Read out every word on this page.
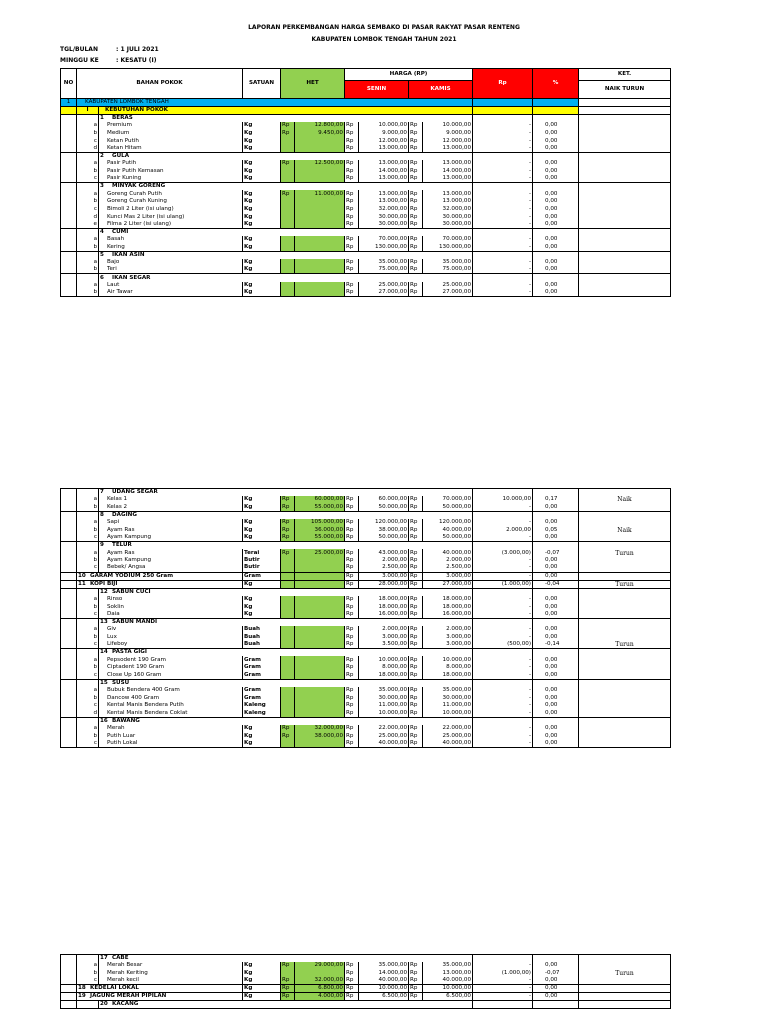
LAPORAN PERKEMBANGAN HARGA SEMBAKO DI PASAR RAKYAT PASAR RENTENG
KABUPATEN LOMBOK TENGAH TAHUN 2021
TGL/BULAN	: 1 JULI 2021
MINGGU KE	: KESATU (I)
NO	BAHAN POKOK		SATUAN	HET		HARGA (RP)				Rp	%	KET.
						SENIN		KAMIS				NAIK TURUN
1	KABUPATEN LOMBOK TENGAH											
	I	KEBUTUHAN POKOK										
		1 BERAS										
	a	Premium	Kg	Rp	12.800,00	Rp	10.000,00	Rp	10.000,00	-	0,00	
	b	Medium	Kg	Rp	9.450,00	Rp	9.000,00	Rp	9.000,00	-	0,00	
	c	Ketan Putih	Kg			Rp	12.000,00	Rp	12.000,00	-	0,00	
	d	Ketan Hitam	Kg			Rp	13.000,00	Rp	13.000,00	-	0,00	
		2 GULA										
	a	Pasir Putih	Kg	Rp	12.500,00	Rp	13.000,00	Rp	13.000,00	-	0,00	
	b	Pasir Putih Kemasan	Kg			Rp	14.000,00	Rp	14.000,00	-	0,00	
	c	Pasir Kuning	Kg			Rp	13.000,00	Rp	13.000,00	-	0,00	
		3 MINYAK GORENG										
	a	Goreng Curah Putih	Kg	Rp	11.000,00	Rp	13.000,00	Rp	13.000,00	-	0,00	
	b	Goreng Curah Kuning	Kg			Rp	13.000,00	Rp	13.000,00	-	0,00	
	c	Bimoli 2 Liter (isi ulang)	Kg			Rp	32.000,00	Rp	32.000,00	-	0,00	
	d	Kunci Mas 2 Liter (isi ulang)	Kg			Rp	30.000,00	Rp	30.000,00	-	0,00	
	e	Filma 2 Liter (isi ulang)	Kg			Rp	30.000,00	Rp	30.000,00	-	0,00	
		4 CUMI										
	a	Basah	Kg			Rp	70.000,00	Rp	70.000,00	-	0,00	
	b	Kering	Kg			Rp	130.000,00	Rp	130.000,00	-	0,00	
		5 IKAN ASIN										
	a	Bajo	Kg			Rp	35.000,00	Rp	35.000,00	-	0,00	
	b	Teri	Kg			Rp	75.000,00	Rp	75.000,00	-	0,00	
		6 IKAN SEGAR										
	a	Laut	Kg			Rp	25.000,00	Rp	25.000,00	-	0,00	
	b	Air Tawar	Kg			Rp	27.000,00	Rp	27.000,00	-	0,00	
		7 UDANG SEGAR										
	a	Kelas 1	Kg	Rp	60.000,00	Rp	60.000,00	Rp	70.000,00	10.000,00	0,17	Naik
	b	Kelas 2	Kg	Rp	55.000,00	Rp	50.000,00	Rp	50.000,00	-	0,00	
		8 DAGING										
	a	Sapi	Kg	Rp	105.000,00	Rp	120.000,00	Rp	120.000,00	-	0,00	
	b	Ayam Ras	Kg	Rp	36.000,00	Rp	38.000,00	Rp	40.000,00	2.000,00	0,05	Naik
	c	Ayam Kampung	Kg	Rp	55.000,00	Rp	50.000,00	Rp	50.000,00	-	0,00	
		9 TELUR										
	a	Ayam Ras	Terai	Rp	25.000,00	Rp	43.000,00	Rp	40.000,00	(3.000,00)	-0,07	Turun
	b	Ayam Kampung	Butir			Rp	2.000,00	Rp	2.000,00	-	0,00	
	c	Bebek/ Angsa	Butir			Rp	2.500,00	Rp	2.500,00	-	0,00	
	10 GARAM YODIUM 250 Gram		Gram			Rp	3.000,00	Rp	3.000,00	-	0,00	
	11 KOPI BIJI		Kg			Rp	28.000,00	Rp	27.000,00	(1.000,00)	-0,04	Turun
		12 SABUN CUCI										
	a	Rinso	Kg			Rp	18.000,00	Rp	18.000,00	-	0,00	
	b	Soklin	Kg			Rp	18.000,00	Rp	18.000,00	-	0,00	
	c	Daia	Kg			Rp	16.000,00	Rp	16.000,00	-	0,00	
		13 SABUN MANDI										
	a	Giv	Buah			Rp	2.000,00	Rp	2.000,00	-	0,00	
	b	Lux	Buah			Rp	3.000,00	Rp	3.000,00	-	0,00	
	c	Lifeboy	Buah			Rp	3.500,00	Rp	3.000,00	(500,00)	-0,14	Turun
		14 PASTA GIGI										
	a	Pepsodent 190 Gram	Gram			Rp	10.000,00	Rp	10.000,00	-	0,00	
	b	Ciptadent 190 Gram	Gram			Rp	8.000,00	Rp	8.000,00	-	0,00	
	c	Close Up 160 Gram	Gram			Rp	18.000,00	Rp	18.000,00	-	0,00	
		15 SUSU										
	a	Bubuk Bendera 400 Gram	Gram			Rp	35.000,00	Rp	35.000,00	-	0,00	
	b	Dancow 400 Gram	Gram			Rp	30.000,00	Rp	30.000,00	-	0,00	
	c	Kental Manis Bendera Putih	Kaleng			Rp	11.000,00	Rp	11.000,00	-	0,00	
	d	Kental Manis Bendera Coklat	Kaleng			Rp	10.000,00	Rp	10.000,00	-	0,00	
		16 BAWANG										
	a	Merah	Kg	Rp	32.000,00	Rp	22.000,00	Rp	22.000,00	-	0,00	
	b	Putih Luar	Kg	Rp	38.000,00	Rp	25.000,00	Rp	25.000,00	-	0,00	
	c	Putih Lokal	Kg			Rp	40.000,00	Rp	40.000,00	-	0,00	
		17 CABE										
	a	Merah Besar	Kg	Rp	29.000,00	Rp	35.000,00	Rp	35.000,00	-	0,00	
	b	Merah Keriting	Kg			Rp	14.000,00	Rp	13.000,00	(1.000,00)	-0,07	Turun
	c	Merah kecil	Kg	Rp	32.000,00	Rp	40.000,00	Rp	40.000,00	-	0,00	
	18 KEDELAI LOKAL		Kg	Rp	6.800,00	Rp	10.000,00	Rp	10.000,00	-	0,00	
	19 JAGUNG MERAH PIPILAN		Kg	Rp	4.000,00	Rp	6.500,00	Rp	6.500,00	-	0,00	
		20 KACANG										
